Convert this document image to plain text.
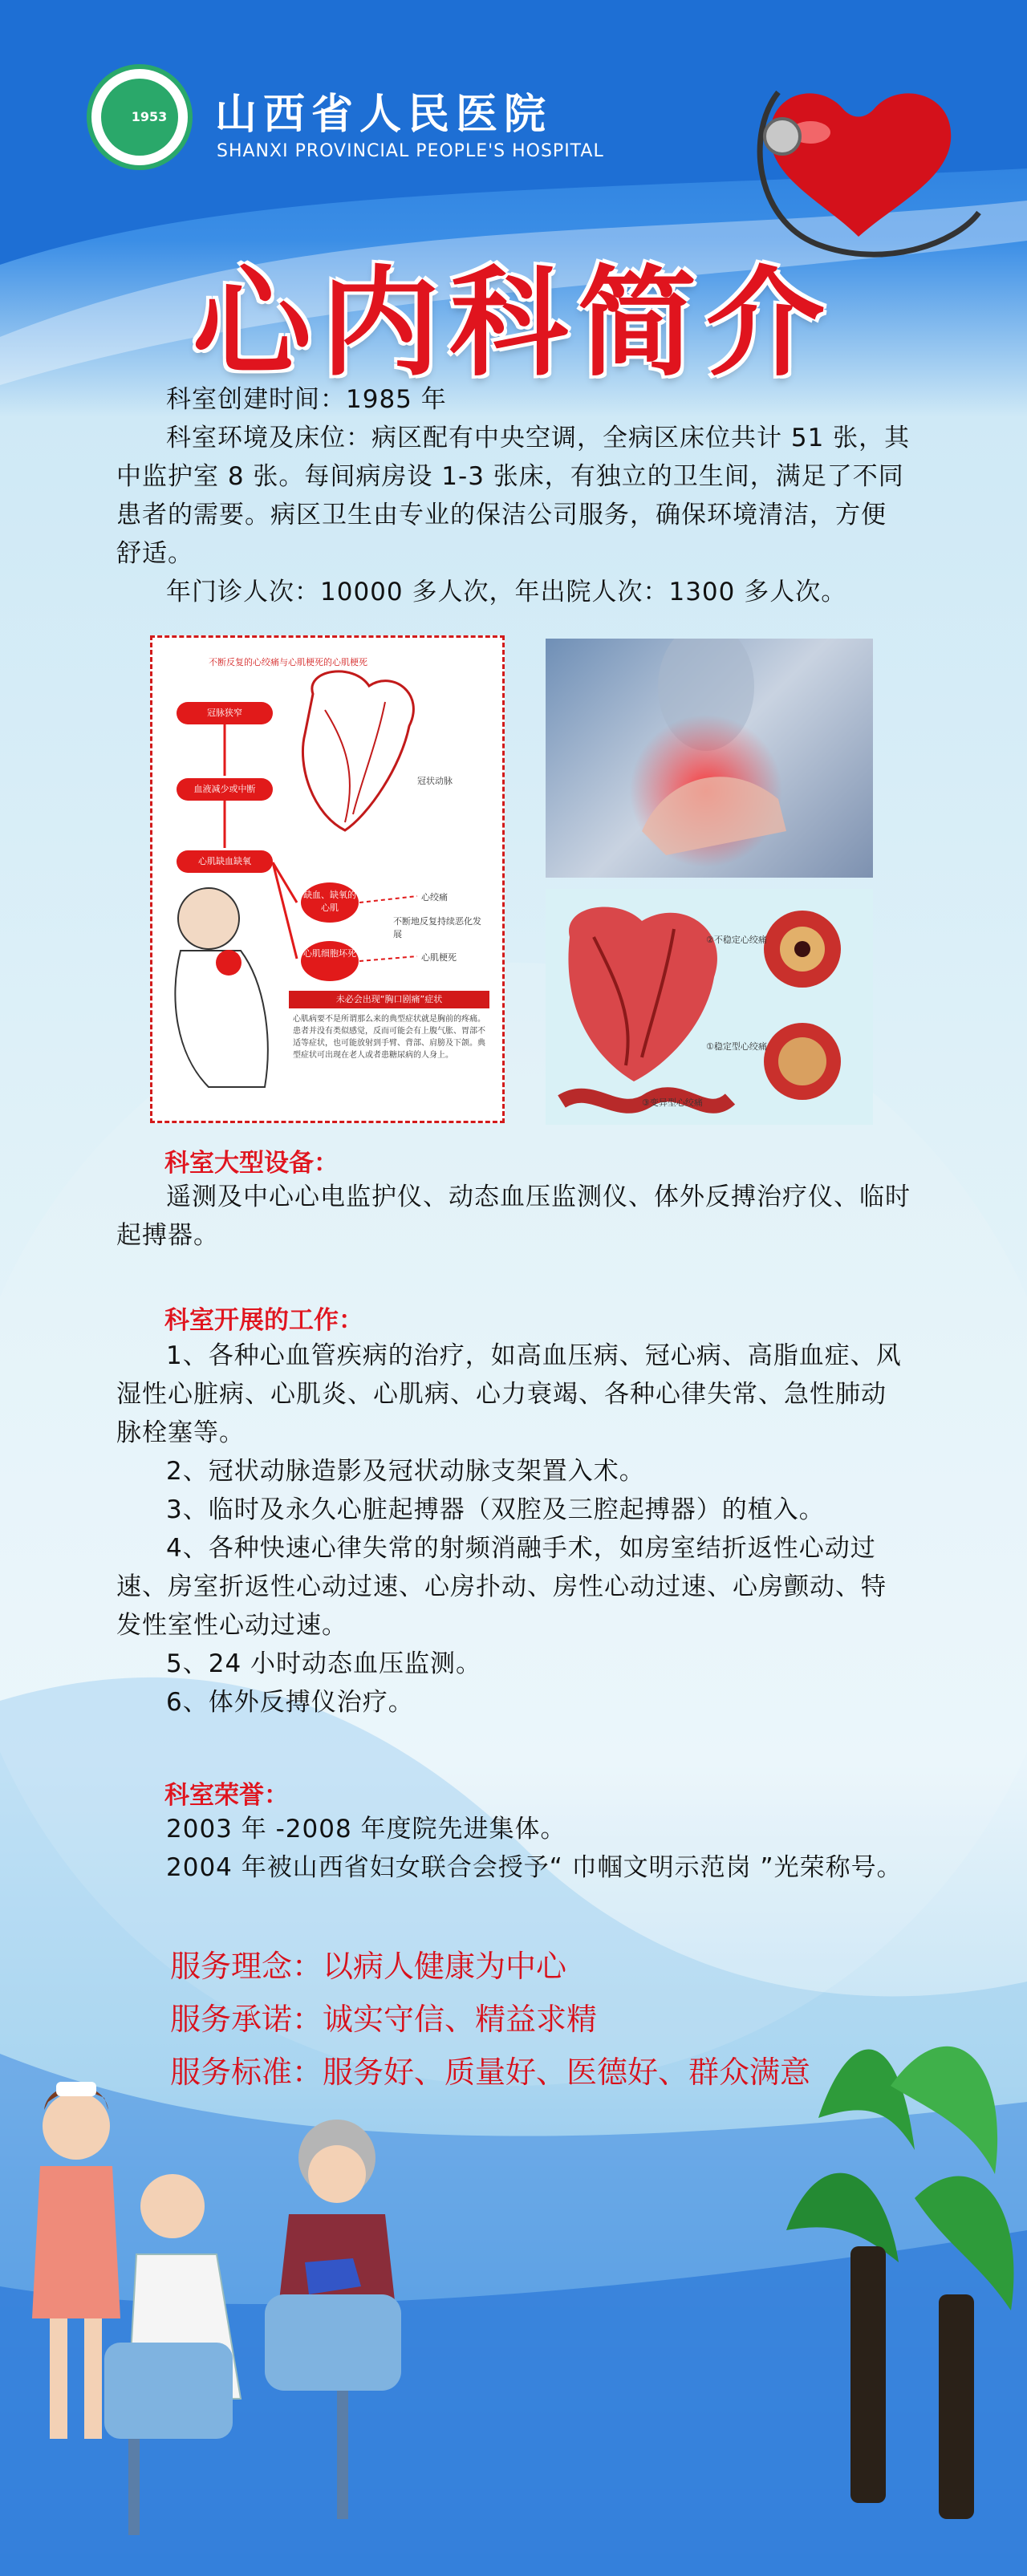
1953	山西省人民医院
SHANXI PROVINCIAL PEOPLE'S HOSPITAL
心内科简介

科室创建时间：1985 年

科室环境及床位：病区配有中央空调，全病区床位共计 51 张，其中监护室 8 张。每间病房设 1-3 张床，有独立的卫生间，满足了不同患者的需要。病区卫生由专业的保洁公司服务，确保环境清洁，方便舒适。

年门诊人次：10000 多人次，年出院人次：1300 多人次。

不断反复的心绞痛与心肌梗死的心肌梗死
冠脉狭窄
血液减少或中断
心肌缺血缺氧
缺血、缺氧的心肌
心肌细胞坏死
心绞痛
心肌梗死
冠状动脉
不断地反复持续恶化发展
未必会出现“胸口剧痛”症状
心肌病要不是所谓那么来的典型症状就是胸前的疼痛。患者并没有类似感觉，反而可能会有上腹气胀、胃部不适等症状，也可能放射到手臂、背部、肩膀及下颌。典型症状可出现在老人或者患糖尿病的人身上。
②不稳定心绞痛
①稳定型心绞痛
③变异型心绞痛
科室大型设备：

遥测及中心心电监护仪、动态血压监测仪、体外反搏治疗仪、临时起搏器。

科室开展的工作：

1、各种心血管疾病的治疗，如高血压病、冠心病、高脂血症、风湿性心脏病、心肌炎、心肌病、心力衰竭、各种心律失常、急性肺动脉栓塞等。

2、冠状动脉造影及冠状动脉支架置入术。

3、临时及永久心脏起搏器（双腔及三腔起搏器）的植入。

4、各种快速心律失常的射频消融手术，如房室结折返性心动过速、房室折返性心动过速、心房扑动、房性心动过速、心房颤动、特发性室性心动过速。

5、24 小时动态血压监测。

6、体外反搏仪治疗。

科室荣誉：

2003 年 -2008 年度院先进集体。

2004 年被山西省妇女联合会授予“ 巾帼文明示范岗 ”光荣称号。

服务理念：以病人健康为中心
服务承诺：诚实守信、精益求精
服务标准：服务好、质量好、医德好、群众满意
